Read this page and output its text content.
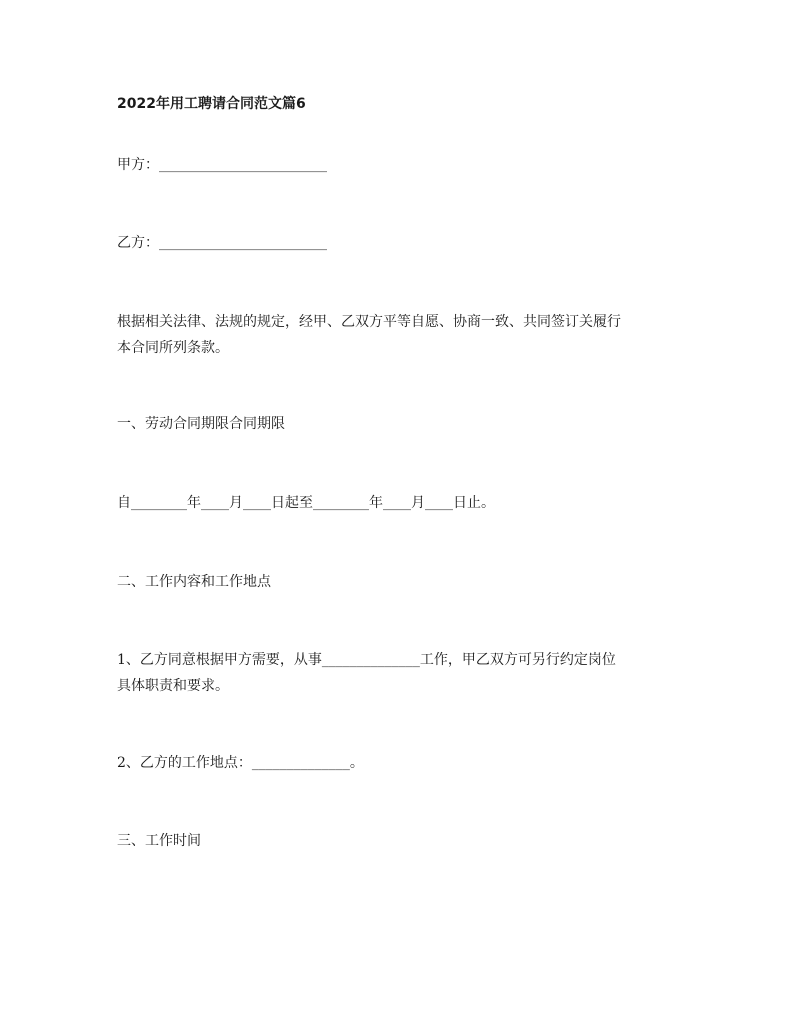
2022年用工聘请合同范文篇6
甲方：________________________
乙方：________________________
根据相关法律、法规的规定，经甲、乙双方平等自愿、协商一致、共同签订关履行
本合同所列条款。
一、劳动合同期限合同期限
自________年____月____日起至________年____月____日止。
二、工作内容和工作地点
1、乙方同意根据甲方需要，从事______________工作，甲乙双方可另行约定岗位
具体职责和要求。
2、乙方的工作地点：______________。
三、工作时间
